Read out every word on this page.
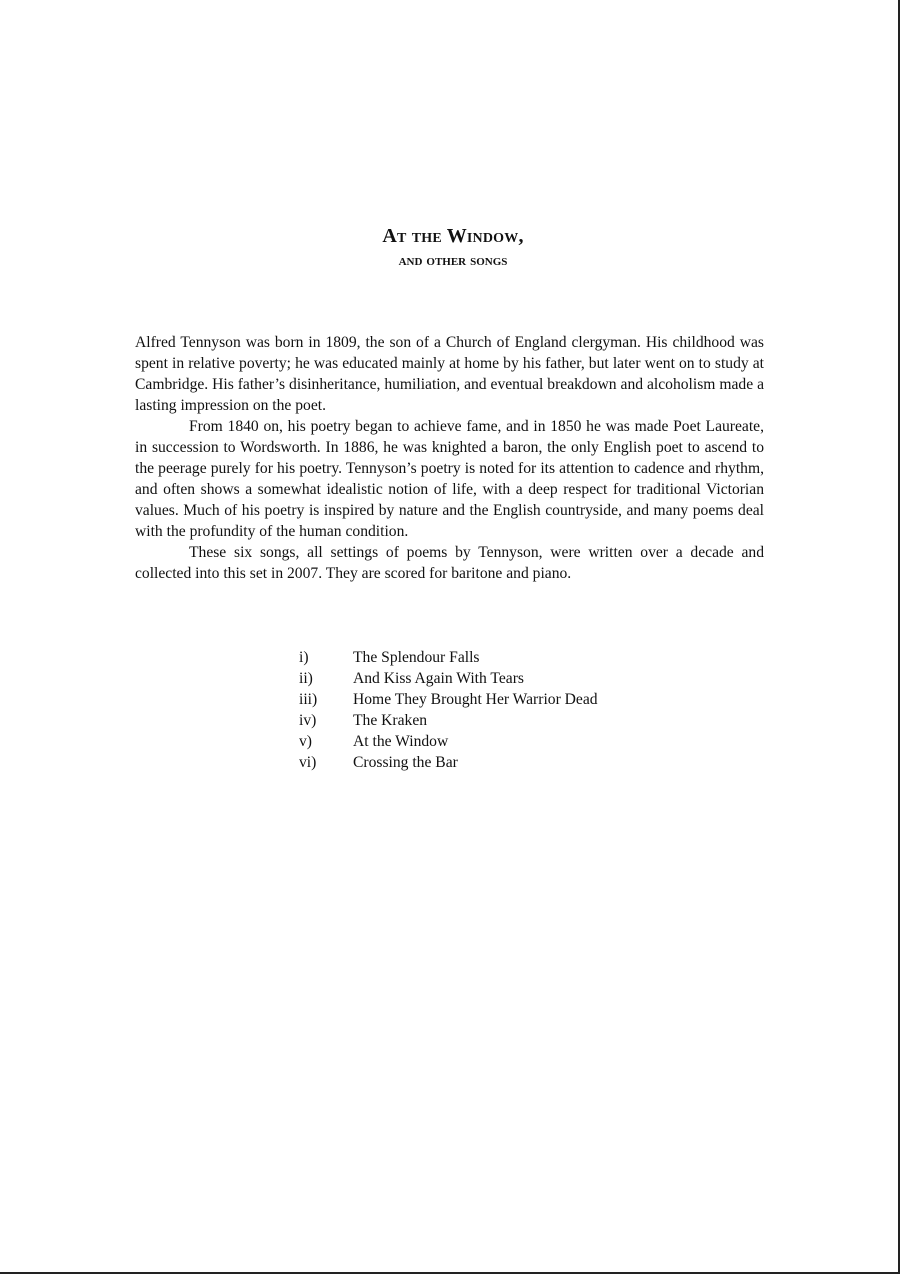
At the Window,
and other songs

Alfred Tennyson was born in 1809, the son of a Church of England clergyman. His childhood was spent in relative poverty; he was educated mainly at home by his father, but later went on to study at Cambridge. His father’s disinheritance, humiliation, and eventual breakdown and alcoholism made a lasting impression on the poet.

From 1840 on, his poetry began to achieve fame, and in 1850 he was made Poet Laureate, in succession to Wordsworth. In 1886, he was knighted a baron, the only English poet to ascend to the peerage purely for his poetry. Tennyson’s poetry is noted for its attention to cadence and rhythm, and often shows a somewhat idealistic notion of life, with a deep respect for traditional Victorian values. Much of his poetry is inspired by nature and the English countryside, and many poems deal with the profundity of the human condition.

These six songs, all settings of poems by Tennyson, were written over a decade and collected into this set in 2007. They are scored for baritone and piano.

i)	The Splendour Falls
ii)	And Kiss Again With Tears
iii)	Home They Brought Her Warrior Dead
iv)	The Kraken
v)	At the Window
vi)	Crossing the Bar
